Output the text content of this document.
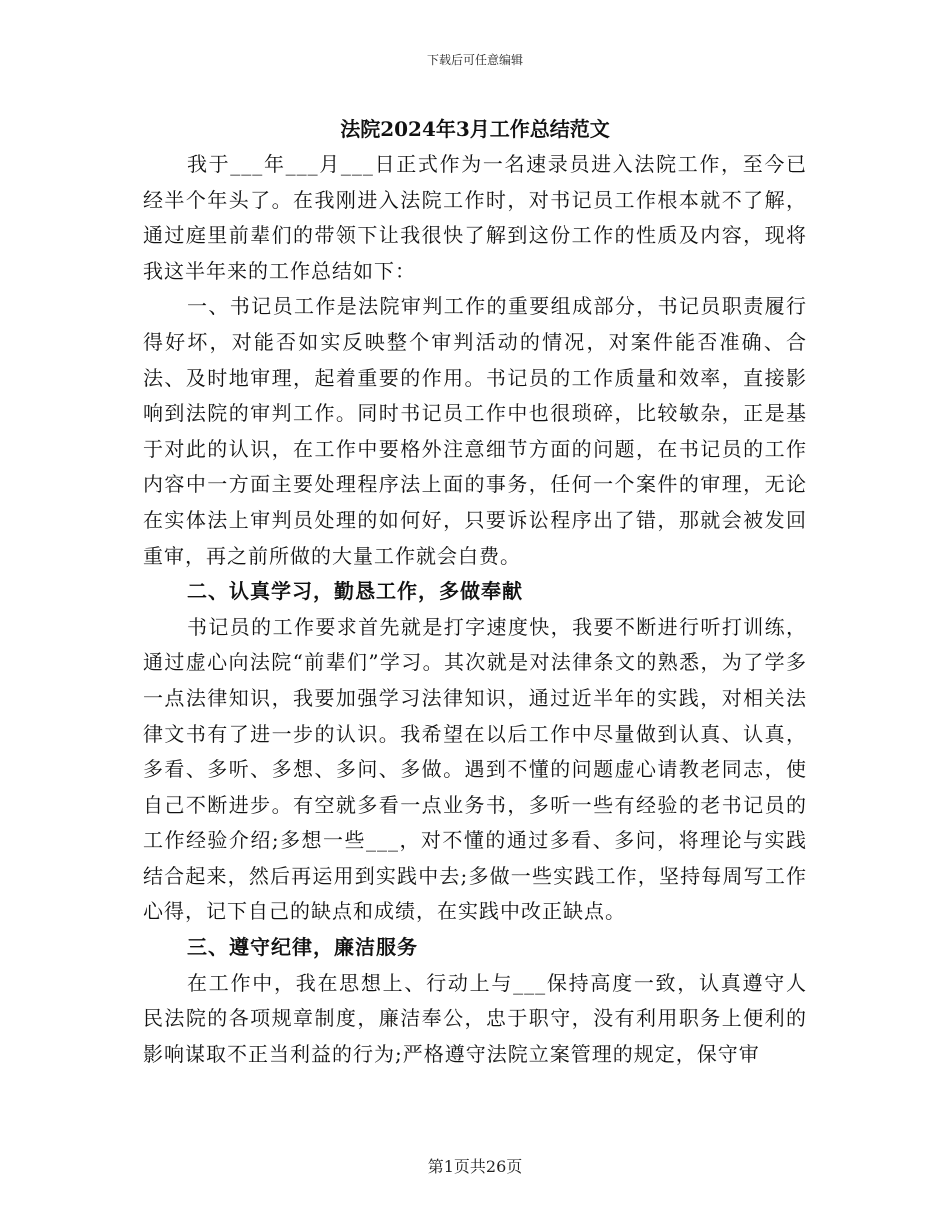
下载后可任意编辑
法院2024年3月工作总结范文

我于___年___月___日正式作为一名速录员进入法院工作，至今已经半个年头了。在我刚进入法院工作时，对书记员工作根本就不了解，通过庭里前辈们的带领下让我很快了解到这份工作的性质及内容，现将我这半年来的工作总结如下：

一、书记员工作是法院审判工作的重要组成部分，书记员职责履行得好坏，对能否如实反映整个审判活动的情况，对案件能否准确、合法、及时地审理，起着重要的作用。书记员的工作质量和效率，直接影响到法院的审判工作。同时书记员工作中也很琐碎，比较敏杂，正是基于对此的认识，在工作中要格外注意细节方面的问题，在书记员的工作内容中一方面主要处理程序法上面的事务，任何一个案件的审理，无论在实体法上审判员处理的如何好，只要诉讼程序出了错，那就会被发回重审，再之前所做的大量工作就会白费。

二、认真学习，勤恳工作，多做奉献

书记员的工作要求首先就是打字速度快，我要不断进行听打训练，通过虚心向法院“前辈们”学习。其次就是对法律条文的熟悉，为了学多一点法律知识，我要加强学习法律知识，通过近半年的实践，对相关法律文书有了进一步的认识。我希望在以后工作中尽量做到认真、认真，多看、多听、多想、多问、多做。遇到不懂的问题虚心请教老同志，使自己不断进步。有空就多看一点业务书，多听一些有经验的老书记员的工作经验介绍;多想一些___，对不懂的通过多看、多问，将理论与实践结合起来，然后再运用到实践中去;多做一些实践工作，坚持每周写工作心得，记下自己的缺点和成绩，在实践中改正缺点。

三、遵守纪律，廉洁服务

在工作中，我在思想上、行动上与___保持高度一致，认真遵守人民法院的各项规章制度，廉洁奉公，忠于职守，没有利用职务上便利的影响谋取不正当利益的行为;严格遵守法院立案管理的规定，保守审

第1页共26页
